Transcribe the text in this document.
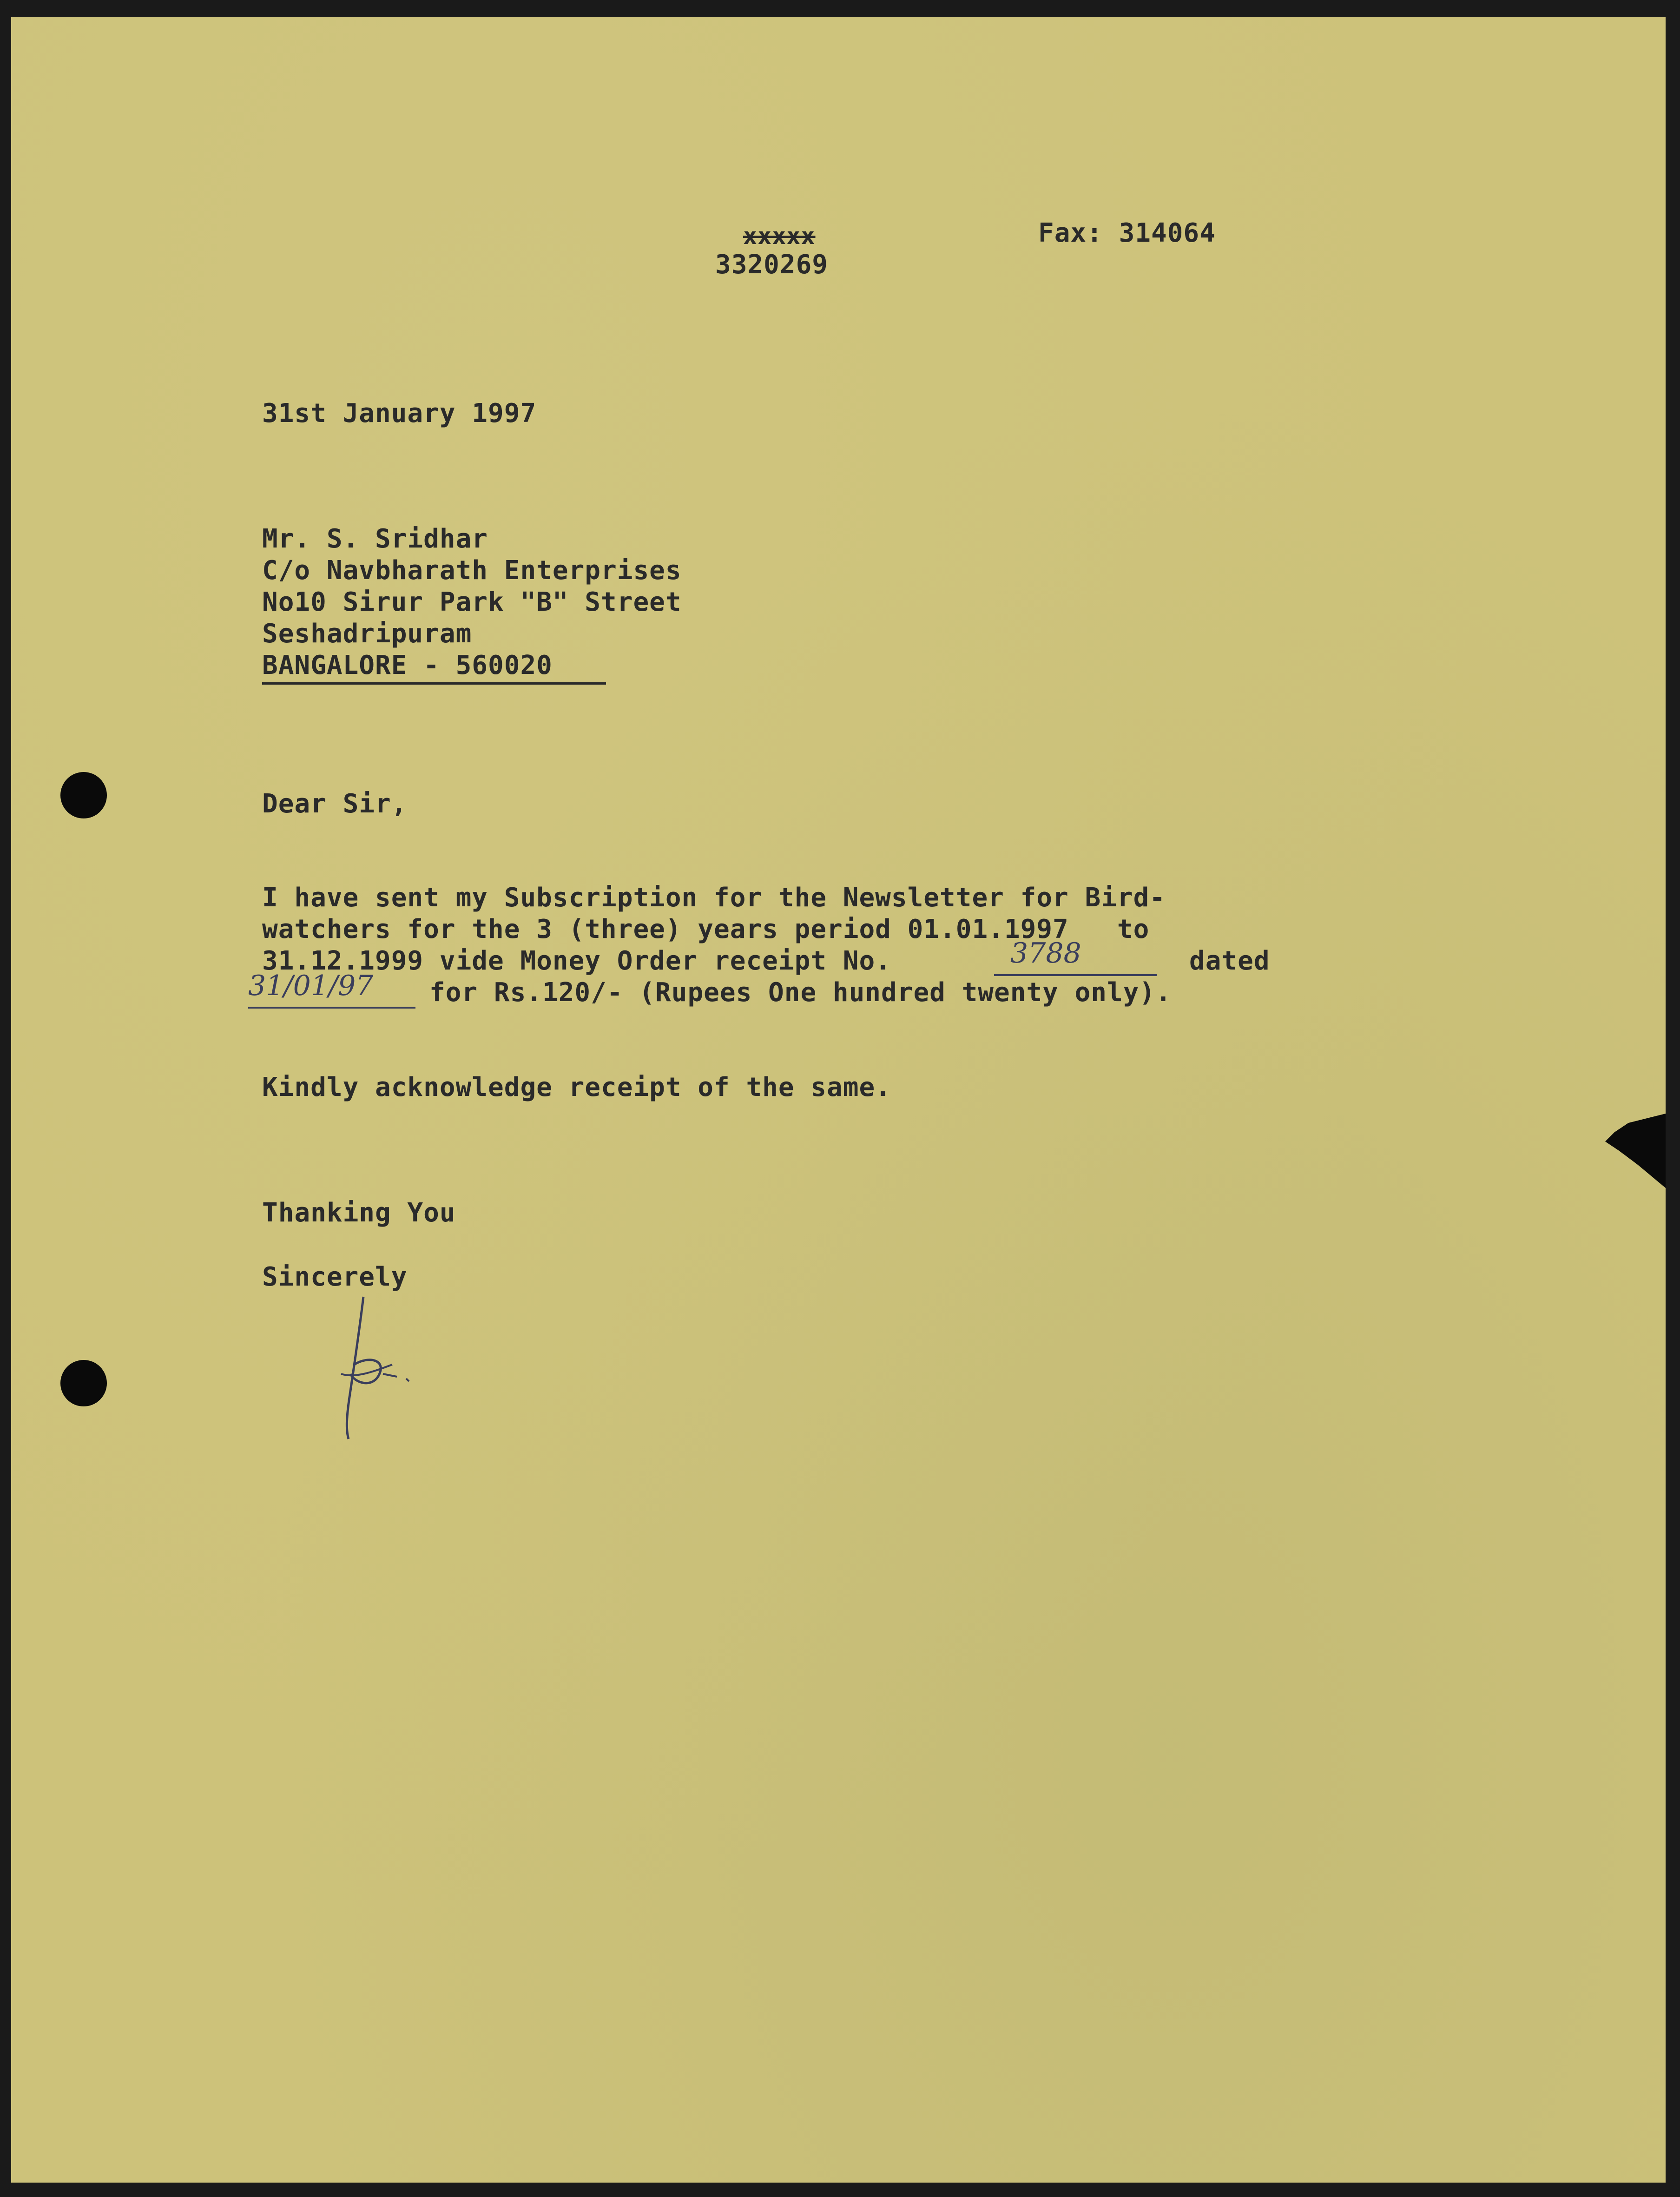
xxxxx
3320269
Fax: 314064
31st January 1997
Mr. S. Sridhar
C/o Navbharath Enterprises
No10 Sirur Park "B" Street
Seshadripuram
BANGALORE - 560020
Dear Sir,
I have sent my Subscription for the Newsletter for Bird-
watchers for the 3 (three) years period 01.01.1997   to
31.12.1999 vide Money Order receipt No.	3788	dated
31/01/97 for Rs.120/- (Rupees One hundred twenty only).
Kindly acknowledge receipt of the same.
Thanking You
Sincerely
